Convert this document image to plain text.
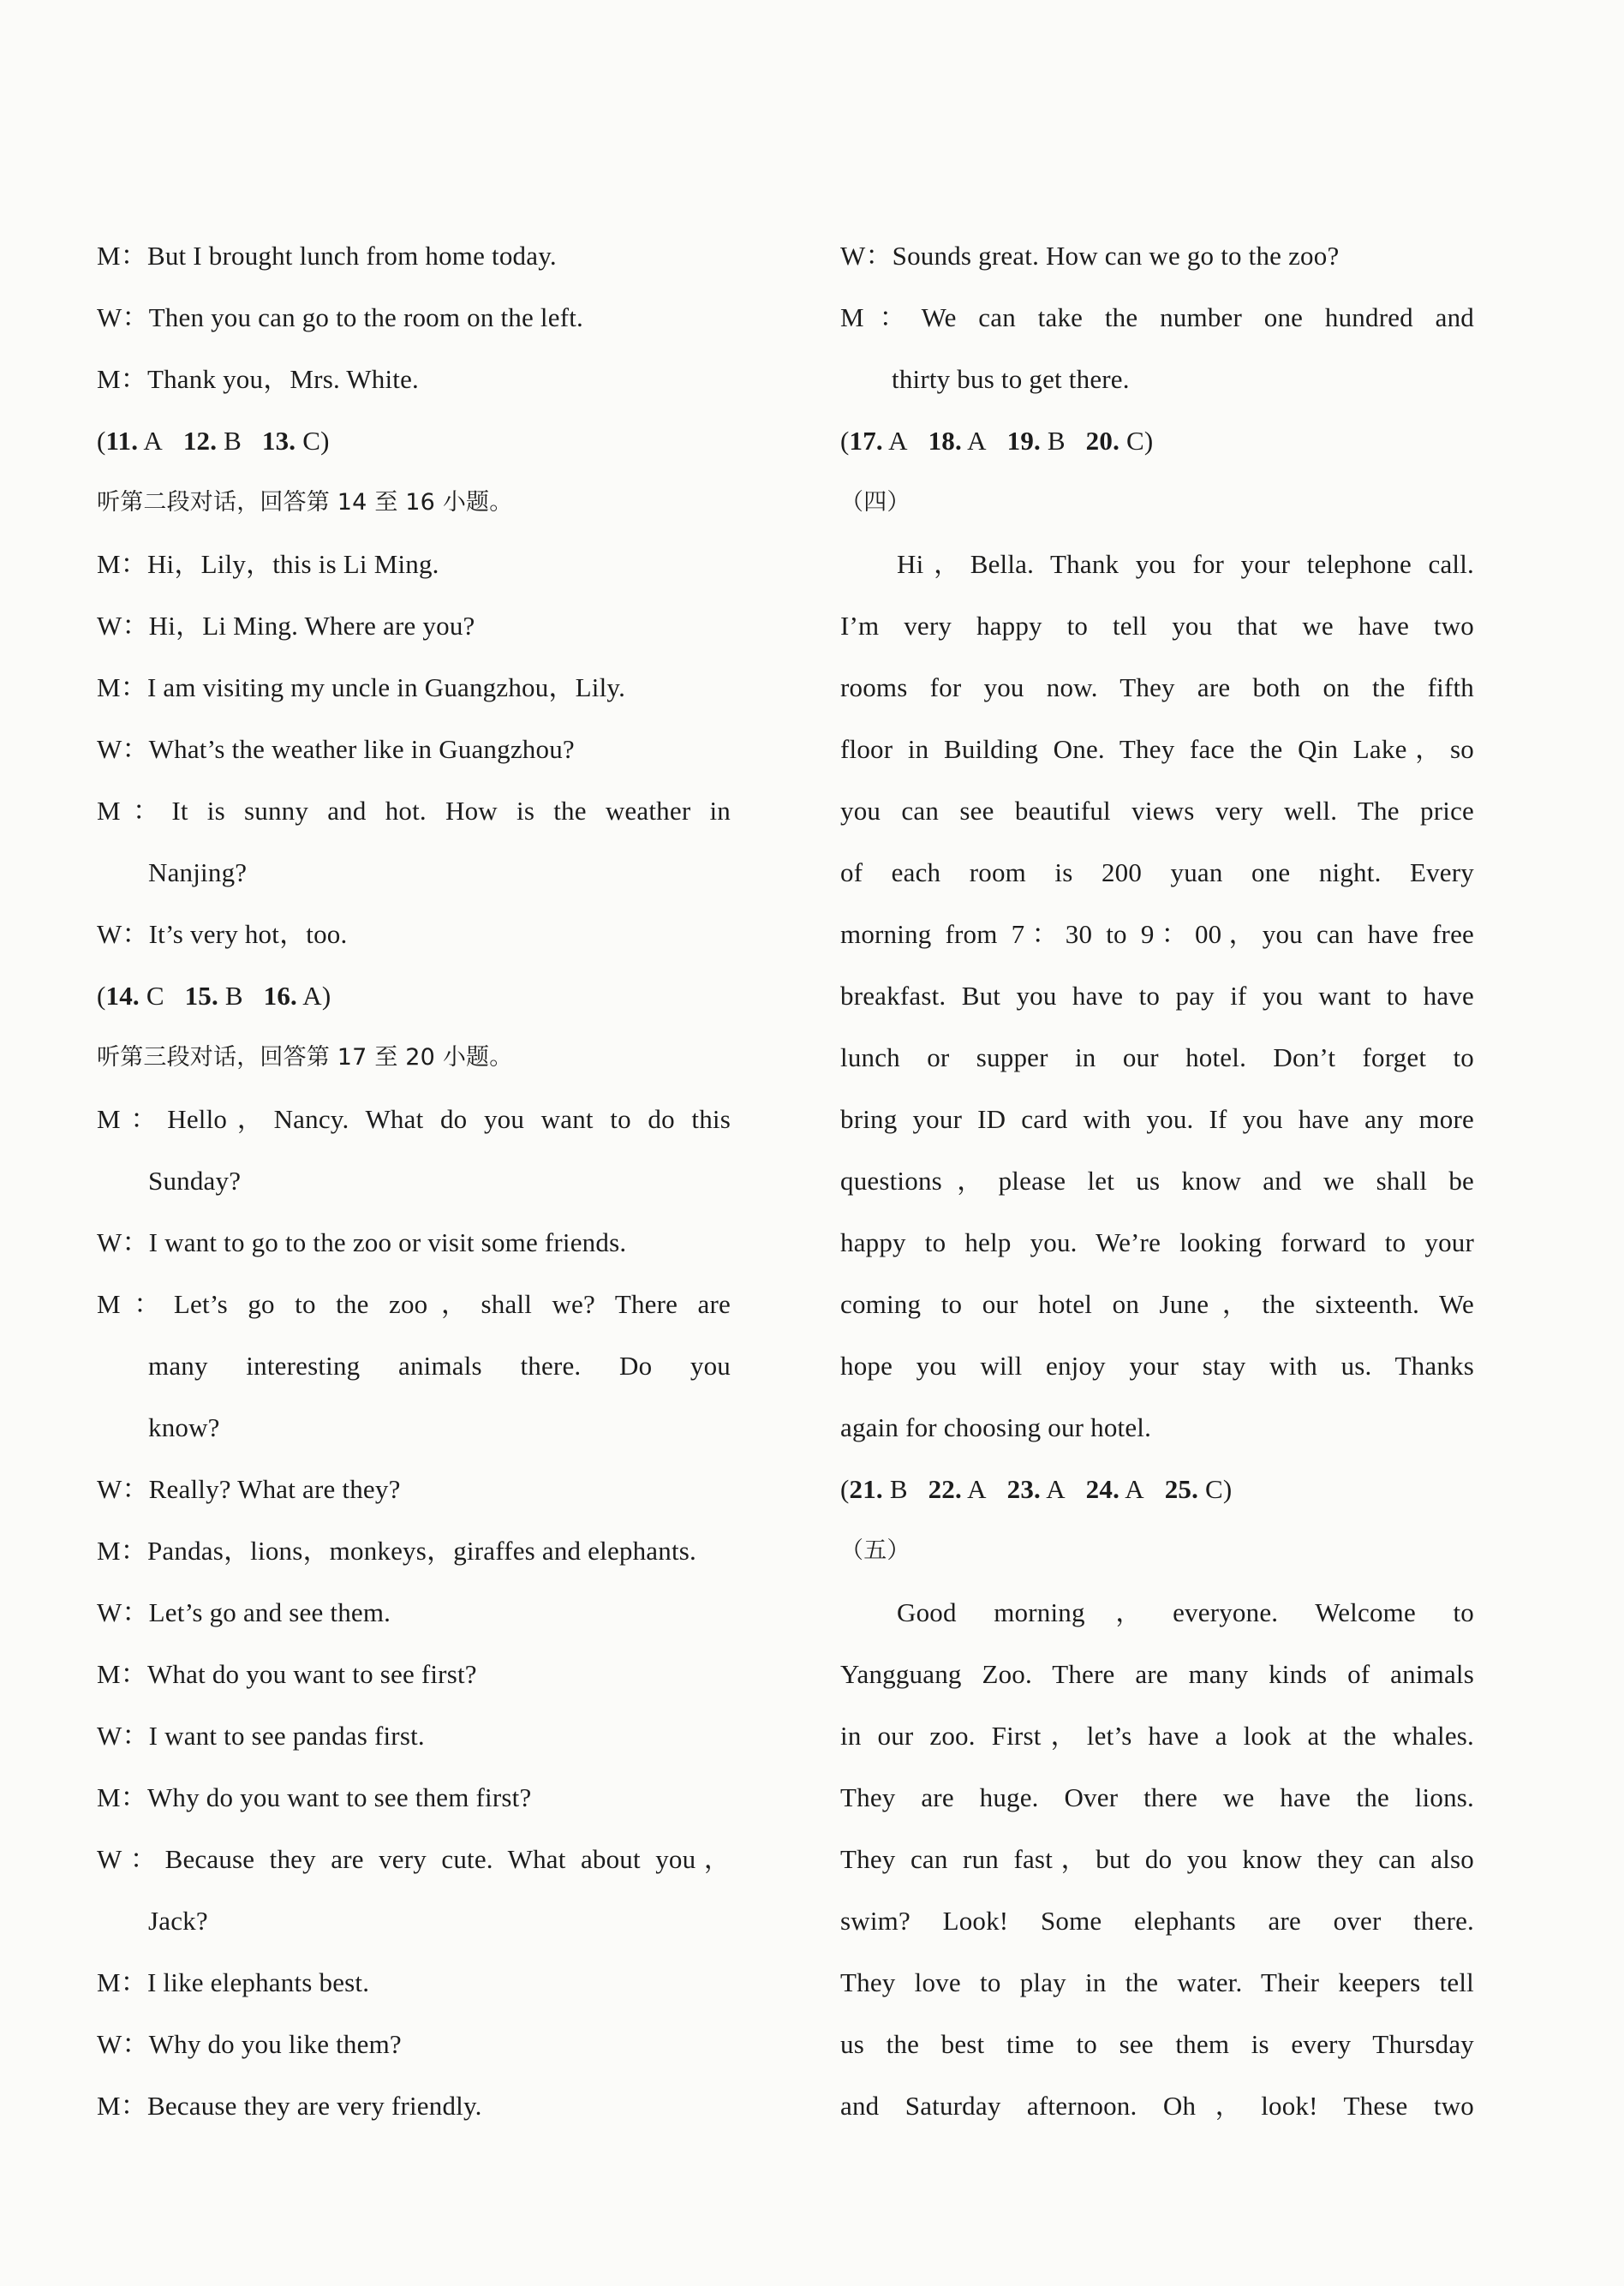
M：But I brought lunch from home today.
W：Then you can go to the room on the left.
M：Thank you，Mrs. White.
(11. A 12. B 13. C)
听第二段对话，回答第 14 至 16 小题。
M：Hi，Lily，this is Li Ming.
W：Hi，Li Ming. Where are you?
M：I am visiting my uncle in Guangzhou，Lily.
W：What’s the weather like in Guangzhou?
M：It is sunny and hot. How is the weather in
Nanjing?
W：It’s very hot，too.
(14. C 15. B 16. A)
听第三段对话，回答第 17 至 20 小题。
M：Hello，Nancy. What do you want to do this
Sunday?
W：I want to go to the zoo or visit some friends.
M：Let’s go to the zoo，shall we? There are
many interesting animals there. Do you
know?
W：Really? What are they?
M：Pandas，lions，monkeys，giraffes and elephants.
W：Let’s go and see them.
M：What do you want to see first?
W：I want to see pandas first.
M：Why do you want to see them first?
W：Because they are very cute. What about you，
Jack?
M：I like elephants best.
W：Why do you like them?
M：Because they are very friendly.
W：Sounds great. How can we go to the zoo?
M：We can take the number one hundred and
thirty bus to get there.
(17. A 18. A 19. B 20. C)
（四）
Hi，Bella. Thank you for your telephone call.
I’m very happy to tell you that we have two
rooms for you now. They are both on the fifth
floor in Building One. They face the Qin Lake，so
you can see beautiful views very well. The price
of each room is 200 yuan one night. Every
morning from 7：30 to 9：00，you can have free
breakfast. But you have to pay if you want to have
lunch or supper in our hotel. Don’t forget to
bring your ID card with you. If you have any more
questions，please let us know and we shall be
happy to help you. We’re looking forward to your
coming to our hotel on June，the sixteenth. We
hope you will enjoy your stay with us. Thanks
again for choosing our hotel.
(21. B 22. A 23. A 24. A 25. C)
（五）
Good morning，everyone. Welcome to
Yangguang Zoo. There are many kinds of animals
in our zoo. First，let’s have a look at the whales.
They are huge. Over there we have the lions.
They can run fast，but do you know they can also
swim? Look! Some elephants are over there.
They love to play in the water. Their keepers tell
us the best time to see them is every Thursday
and Saturday afternoon. Oh，look! These two
